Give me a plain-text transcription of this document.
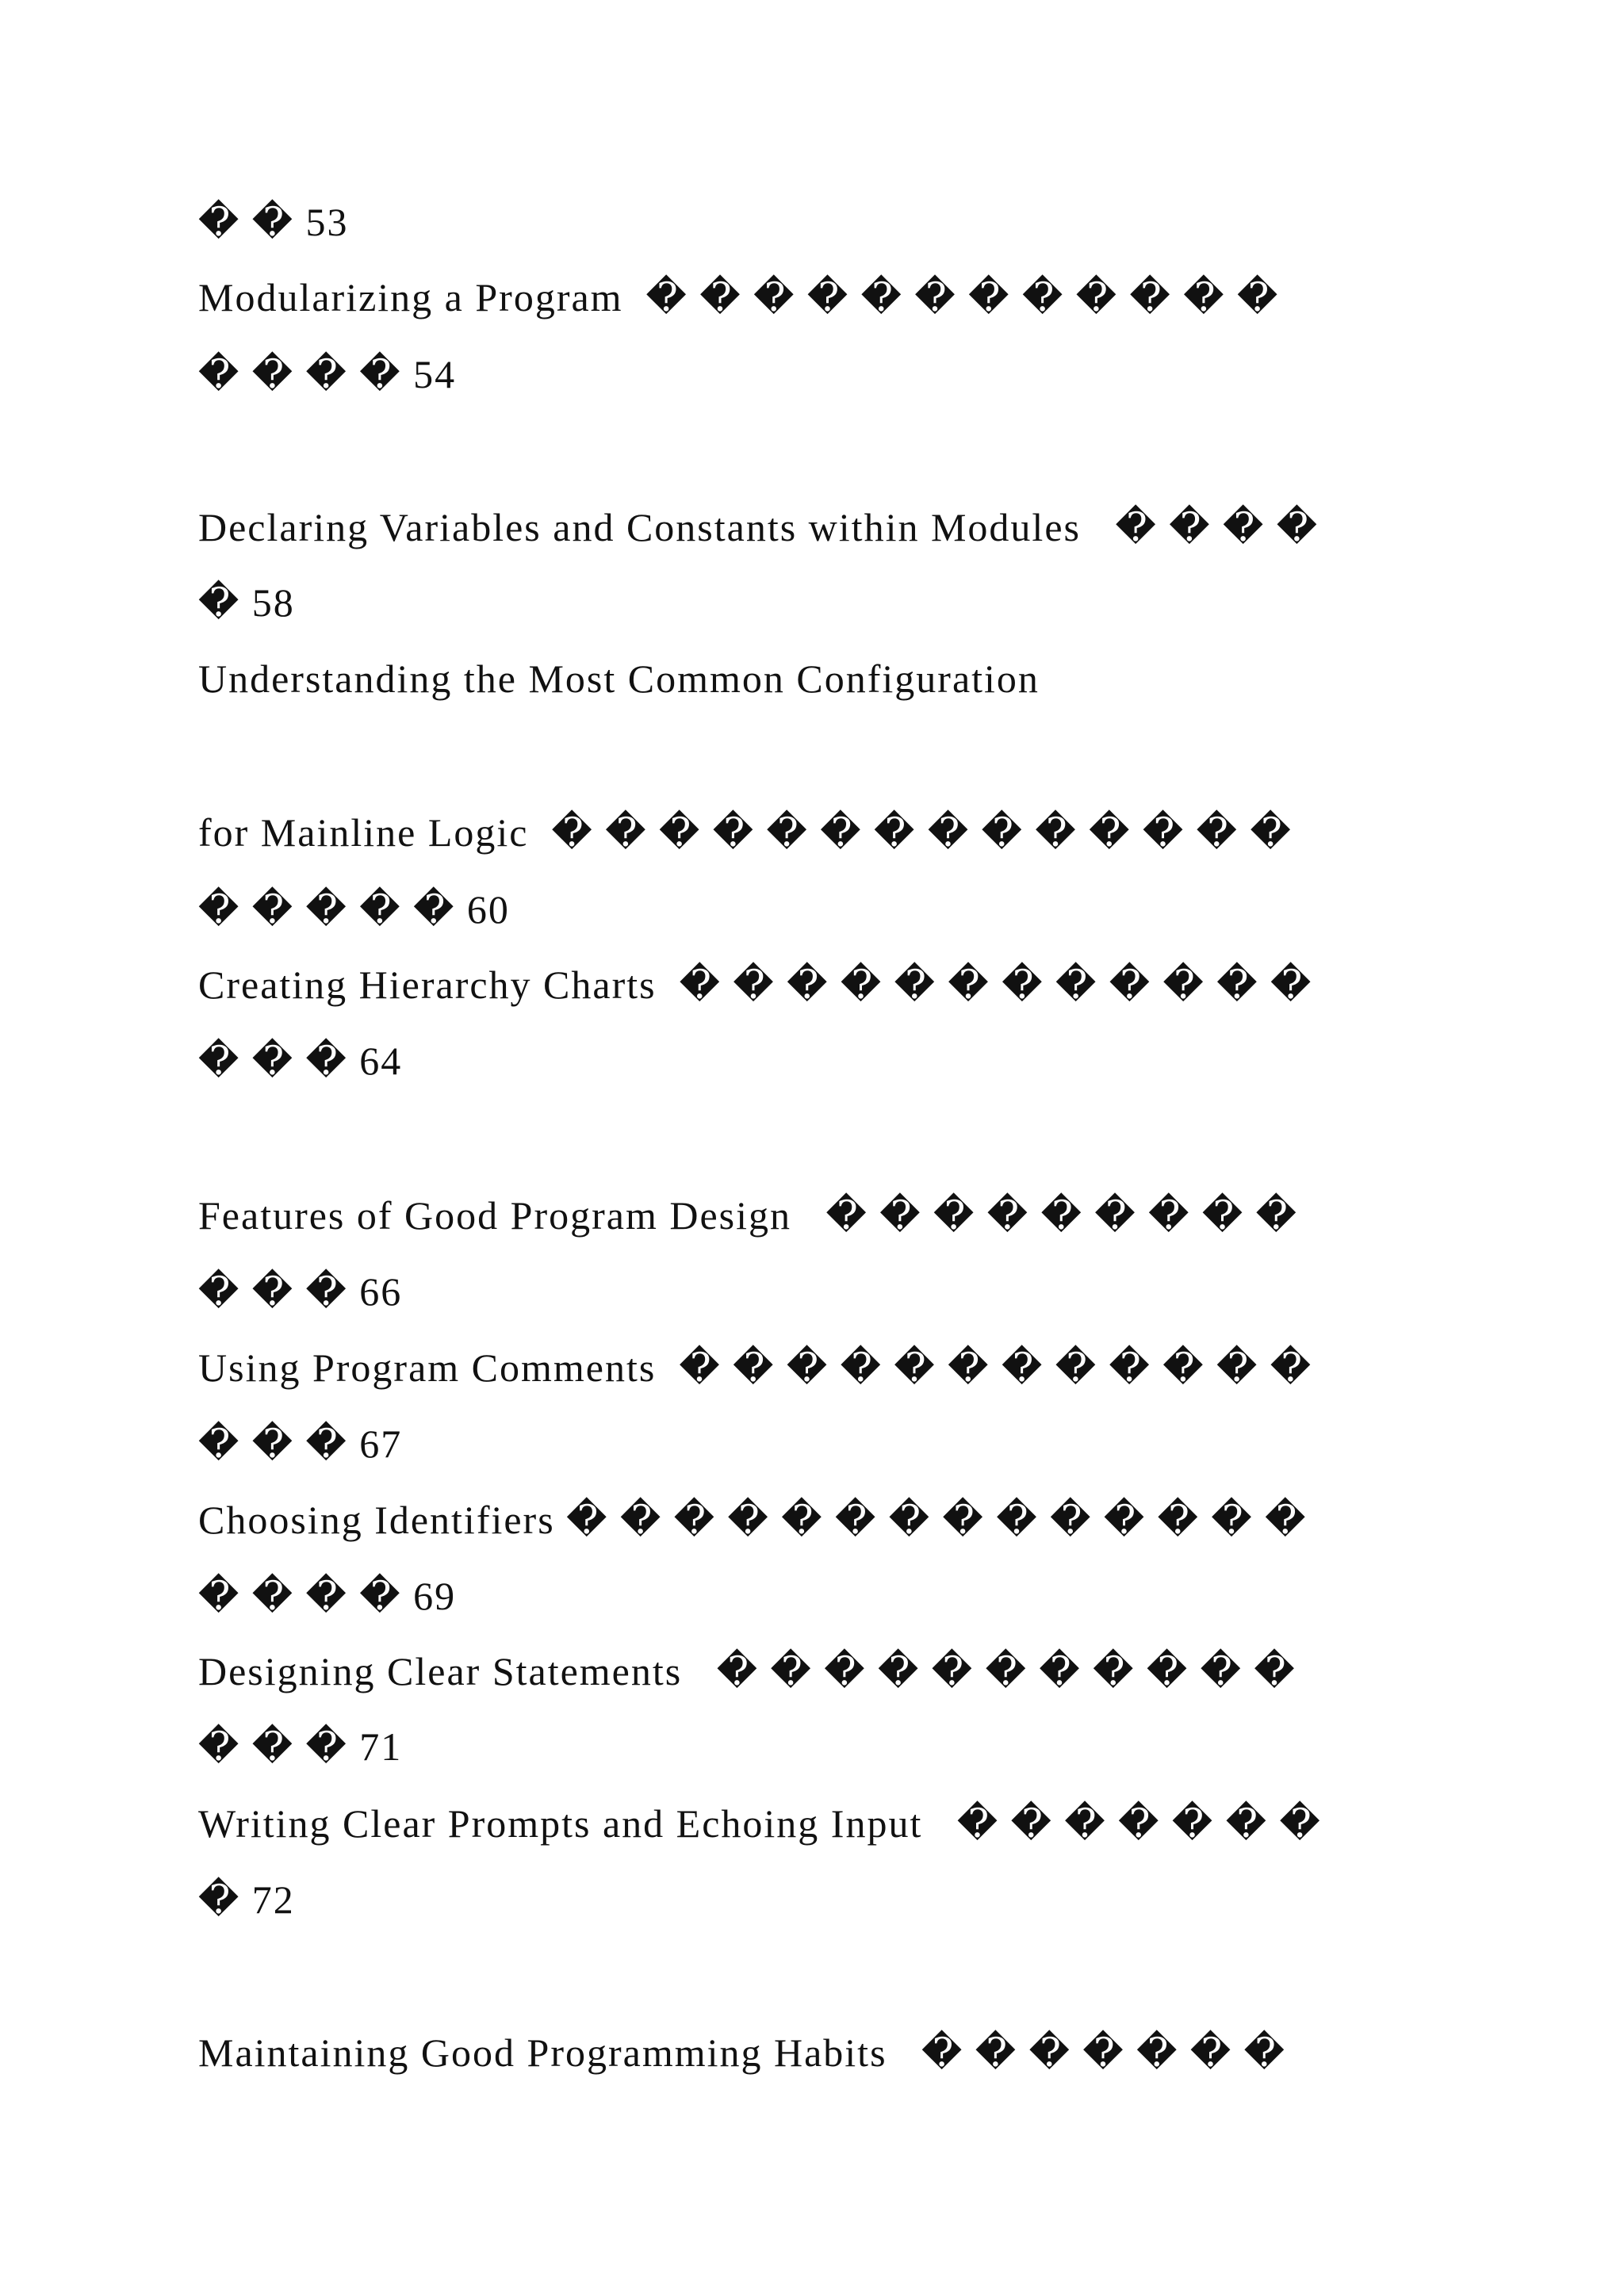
� � 53
Modularizing a Program  � � � � � � � � � � � �
� � � � 54
Declaring Variables and Constants within Modules   � � � �
� 58
Understanding the Most Common Configuration
for Mainline Logic  � � � � � � � � � � � � � �
� � � � � 60
Creating Hierarchy Charts  � � � � � � � � � � � �
� � � 64
Features of Good Program Design   � � � � � � � � �
� � � 66
Using Program Comments  � � � � � � � � � � � �
� � � 67
Choosing Identifiers � � � � � � � � � � � � � �
� � � � 69
Designing Clear Statements   � � � � � � � � � � �
� � � 71
Writing Clear Prompts and Echoing Input   � � � � � � �
� 72
Maintaining Good Programming Habits   � � � � � � �
